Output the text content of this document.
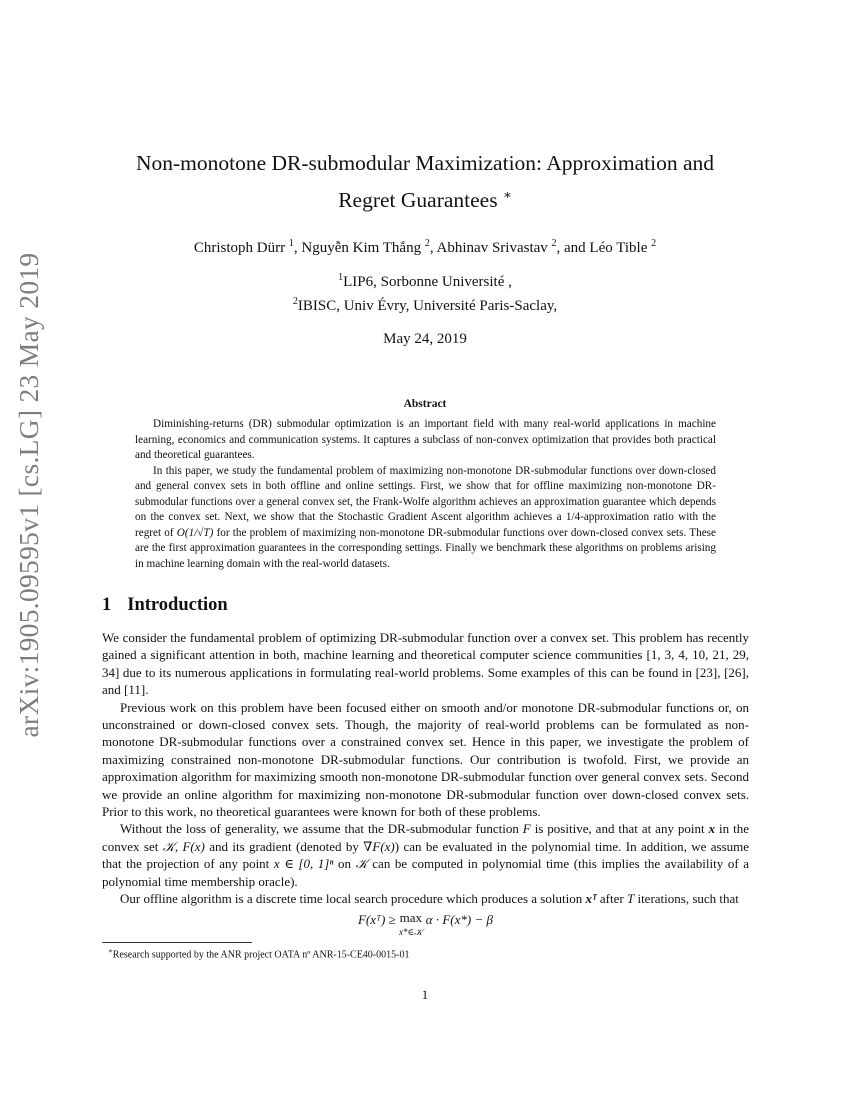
arXiv:1905.09595v1 [cs.LG] 23 May 2019
Non-monotone DR-submodular Maximization: Approximation and
Regret Guarantees ∗
Christoph Dürr $^1$, Nguyễn Kim Thắng $^2$, Abhinav Srivastav $^2$, and Léo Tible $^2$
$^1$LIP6, Sorbonne Université ,
$^2$IBISC, Univ Évry, Université Paris-Saclay,
May 24, 2019
Abstract

Diminishing-returns (DR) submodular optimization is an important field with many real-world applications in machine learning, economics and communication systems. It captures a subclass of non-convex optimization that provides both practical and theoretical guarantees.

In this paper, we study the fundamental problem of maximizing non-monotone DR-submodular functions over down-closed and general convex sets in both offline and online settings. First, we show that for offline maximizing non-monotone DR-submodular functions over a general convex set, the Frank-Wolfe algorithm achieves an approximation guarantee which depends on the convex set. Next, we show that the Stochastic Gradient Ascent algorithm achieves a 1/4-approximation ratio with the regret of O(1/√T) for the problem of maximizing non-monotone DR-submodular functions over down-closed convex sets. These are the first approximation guarantees in the corresponding settings. Finally we benchmark these algorithms on problems arising in machine learning domain with the real-world datasets.

1 Introduction

We consider the fundamental problem of optimizing DR-submodular function over a convex set. This problem has recently gained a significant attention in both, machine learning and theoretical computer science communities [1, 3, 4, 10, 21, 29, 34] due to its numerous applications in formulating real-world problems. Some examples of this can be found in [23], [26], and [11].

Previous work on this problem have been focused either on smooth and/or monotone DR-submodular functions or, on unconstrained or down-closed convex sets. Though, the majority of real-world problems can be formulated as non-monotone DR-submodular functions over a constrained convex set. Hence in this paper, we investigate the problem of maximizing constrained non-monotone DR-submodular functions. Our contribution is twofold. First, we provide an approximation algorithm for maximizing smooth non-monotone DR-submodular function over general convex sets. Second we provide an online algorithm for maximizing non-monotone DR-submodular function over down-closed convex sets. Prior to this work, no theoretical guarantees were known for both of these problems.

Without the loss of generality, we assume that the DR-submodular function F is positive, and that at any point x in the convex set 𝒦, F(x) and its gradient (denoted by ∇F(x)) can be evaluated in the polynomial time. In addition, we assume that the projection of any point x ∈ [0, 1]ⁿ on 𝒦 can be computed in polynomial time (this implies the availability of a polynomial time membership oracle).

Our offline algorithm is a discrete time local search procedure which produces a solution xᵀ after T iterations, such that

F(xᵀ) ≥ max
x*∈𝒦 α · F(x*) − β
∗Research supported by the ANR project OATA nº ANR-15-CE40-0015-01
1
